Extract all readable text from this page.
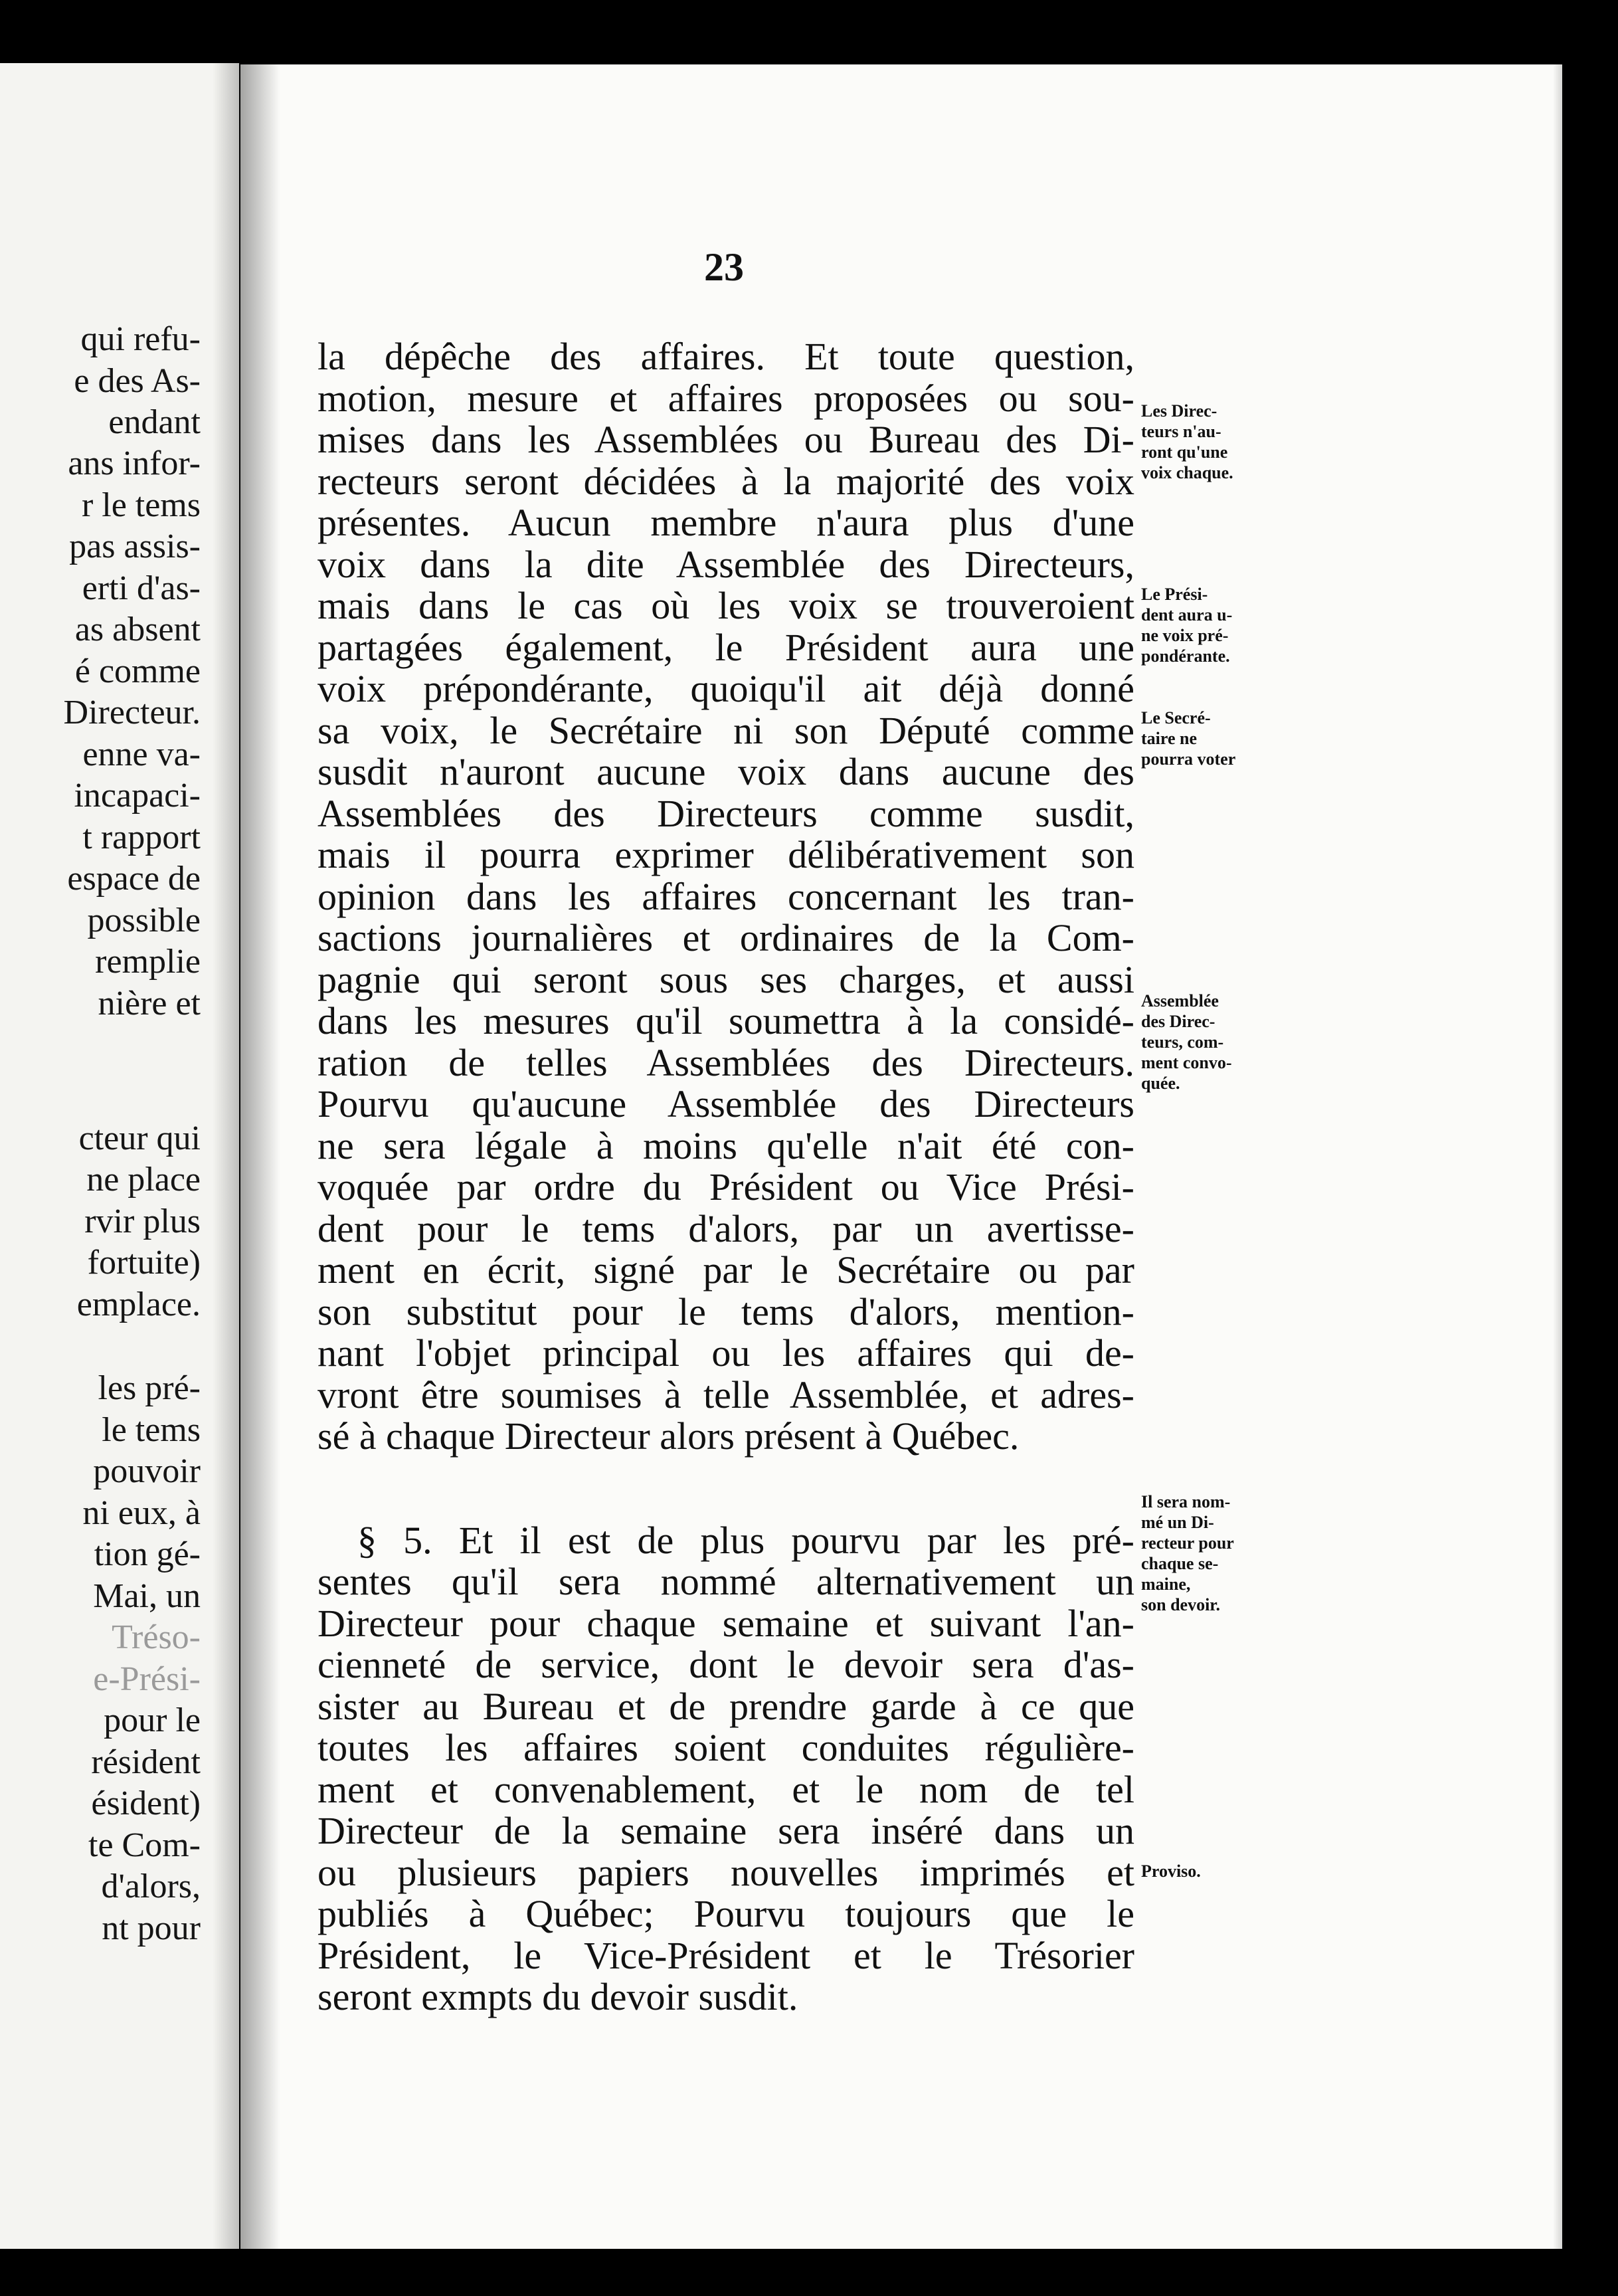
qui refu-
e des As-
endant
ans infor-
r le tems
pas assis-
erti d'as-
as absent
é comme
Directeur.
enne va-
incapaci-
t rapport
espace de
possible
remplie
nière et
cteur qui
ne place
rvir plus
fortuite)
emplace.
les pré-
le tems
pouvoir
ni eux, à
tion gé-
Mai, un
Tréso-
e-Prési-
pour le
résident
ésident)
te Com-
d'alors,
nt pour
23
la dépêche des affaires. Et toute question,
motion, mesure et affaires proposées ou sou-
mises dans les Assemblées ou Bureau des Di-
recteurs seront décidées à la majorité des voix
présentes. Aucun membre n'aura plus d'une
voix dans la dite Assemblée des Directeurs,
mais dans le cas où les voix se trouveroient
partagées également, le Président aura une
voix prépondérante, quoiqu'il ait déjà donné
sa voix, le Secrétaire ni son Député comme
susdit n'auront aucune voix dans aucune des
Assemblées des Directeurs comme susdit,
mais il pourra exprimer délibérativement son
opinion dans les affaires concernant les tran-
sactions journalières et ordinaires de la Com-
pagnie qui seront sous ses charges, et aussi
dans les mesures qu'il soumettra à la considé-
ration de telles Assemblées des Directeurs.
Pourvu qu'aucune Assemblée des Directeurs
ne sera légale à moins qu'elle n'ait été con-
voquée par ordre du Président ou Vice Prési-
dent pour le tems d'alors, par un avertisse-
ment en écrit, signé par le Secrétaire ou par
son substitut pour le tems d'alors, mention-
nant l'objet principal ou les affaires qui de-
vront être soumises à telle Assemblée, et adres-
sé à chaque Directeur alors présent à Québec.
§ 5. Et il est de plus pourvu par les pré-
sentes qu'il sera nommé alternativement un
Directeur pour chaque semaine et suivant l'an-
cienneté de service, dont le devoir sera d'as-
sister au Bureau et de prendre garde à ce que
toutes les affaires soient conduites régulière-
ment et convenablement, et le nom de tel
Directeur de la semaine sera inséré dans un
ou plusieurs papiers nouvelles imprimés et
publiés à Québec; Pourvu toujours que le
Président, le Vice-Président et le Trésorier
seront exmpts du devoir susdit.
Les Direc-
teurs n'au-
ront qu'une
voix chaque.
Le Prési-
dent aura u-
ne voix pré-
pondérante.
Le Secré-
taire ne
pourra voter
Assemblée
des Direc-
teurs, com-
ment convo-
quée.
Il sera nom-
mé un Di-
recteur pour
chaque se-
maine,
son devoir.
Proviso.
